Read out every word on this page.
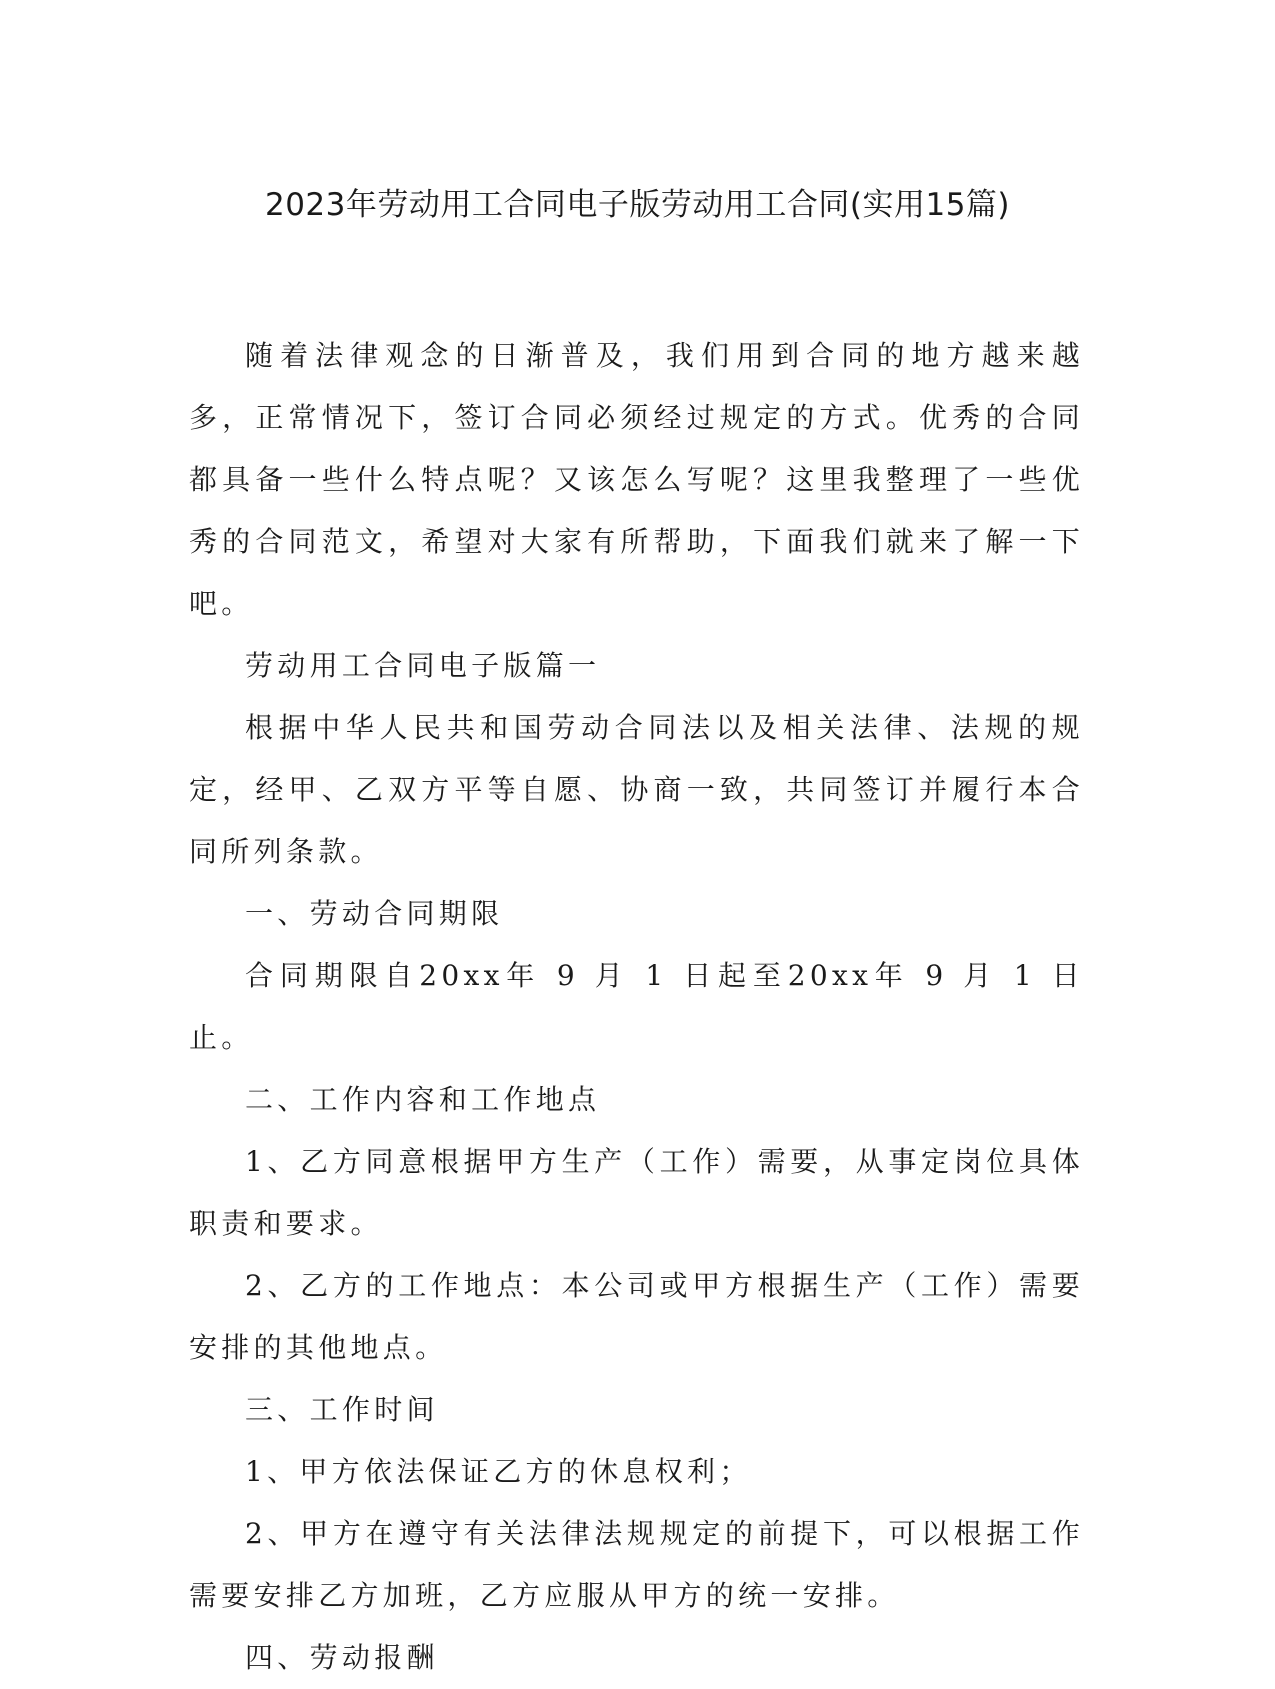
2023年劳动用工合同电子版劳动用工合同(实用15篇)

随着法律观念的日渐普及，我们用到合同的地方越来越多，正常情况下，签订合同必须经过规定的方式。优秀的合同都具备一些什么特点呢？又该怎么写呢？这里我整理了一些优秀的合同范文，希望对大家有所帮助，下面我们就来了解一下吧。

劳动用工合同电子版篇一

根据中华人民共和国劳动合同法以及相关法律、法规的规定，经甲、乙双方平等自愿、协商一致，共同签订并履行本合同所列条款。

一、劳动合同期限

合同期限自20xx年 9 月 1 日起至20xx年 9 月 1 日止。

二、工作内容和工作地点

1、乙方同意根据甲方生产（工作）需要，从事定岗位具体职责和要求。

2、乙方的工作地点：本公司或甲方根据生产（工作）需要安排的其他地点。

三、工作时间

1、甲方依法保证乙方的休息权利；

2、甲方在遵守有关法律法规规定的前提下，可以根据工作需要安排乙方加班，乙方应服从甲方的统一安排。

四、劳动报酬
